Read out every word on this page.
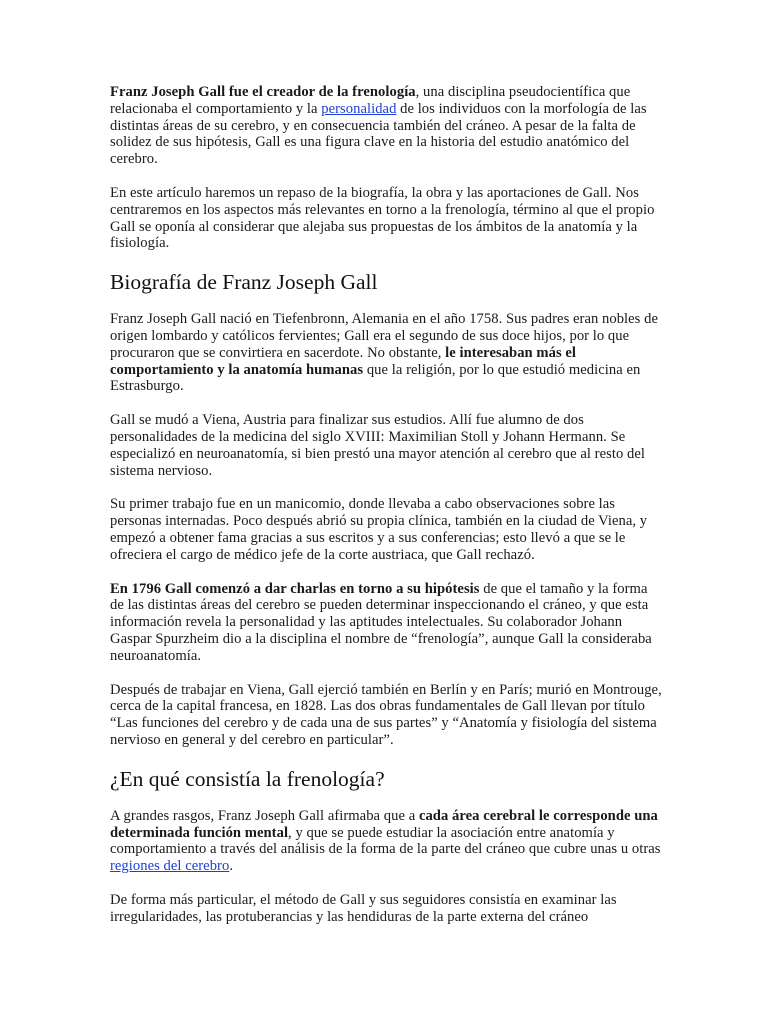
Franz Joseph Gall fue el creador de la frenología, una disciplina pseudocientífica que relacionaba el comportamiento y la personalidad de los individuos con la morfología de las distintas áreas de su cerebro, y en consecuencia también del cráneo. A pesar de la falta de solidez de sus hipótesis, Gall es una figura clave en la historia del estudio anatómico del cerebro.

En este artículo haremos un repaso de la biografía, la obra y las aportaciones de Gall. Nos centraremos en los aspectos más relevantes en torno a la frenología, término al que el propio Gall se oponía al considerar que alejaba sus propuestas de los ámbitos de la anatomía y la fisiología.

Biografía de Franz Joseph Gall

Franz Joseph Gall nació en Tiefenbronn, Alemania en el año 1758. Sus padres eran nobles de origen lombardo y católicos fervientes; Gall era el segundo de sus doce hijos, por lo que procuraron que se convirtiera en sacerdote. No obstante, le interesaban más el comportamiento y la anatomía humanas que la religión, por lo que estudió medicina en Estrasburgo.

Gall se mudó a Viena, Austria para finalizar sus estudios. Allí fue alumno de dos personalidades de la medicina del siglo XVIII: Maximilian Stoll y Johann Hermann. Se especializó en neuroanatomía, si bien prestó una mayor atención al cerebro que al resto del sistema nervioso.

Su primer trabajo fue en un manicomio, donde llevaba a cabo observaciones sobre las personas internadas. Poco después abrió su propia clínica, también en la ciudad de Viena, y empezó a obtener fama gracias a sus escritos y a sus conferencias; esto llevó a que se le ofreciera el cargo de médico jefe de la corte austriaca, que Gall rechazó.

En 1796 Gall comenzó a dar charlas en torno a su hipótesis de que el tamaño y la forma de las distintas áreas del cerebro se pueden determinar inspeccionando el cráneo, y que esta información revela la personalidad y las aptitudes intelectuales. Su colaborador Johann Gaspar Spurzheim dio a la disciplina el nombre de “frenología”, aunque Gall la consideraba neuroanatomía.

Después de trabajar en Viena, Gall ejerció también en Berlín y en París; murió en Montrouge, cerca de la capital francesa, en 1828. Las dos obras fundamentales de Gall llevan por título “Las funciones del cerebro y de cada una de sus partes” y “Anatomía y fisiología del sistema nervioso en general y del cerebro en particular”.

¿En qué consistía la frenología?

A grandes rasgos, Franz Joseph Gall afirmaba que a cada área cerebral le corresponde una determinada función mental, y que se puede estudiar la asociación entre anatomía y comportamiento a través del análisis de la forma de la parte del cráneo que cubre unas u otras regiones del cerebro.

De forma más particular, el método de Gall y sus seguidores consistía en examinar las irregularidades, las protuberancias y las hendiduras de la parte externa del cráneo
